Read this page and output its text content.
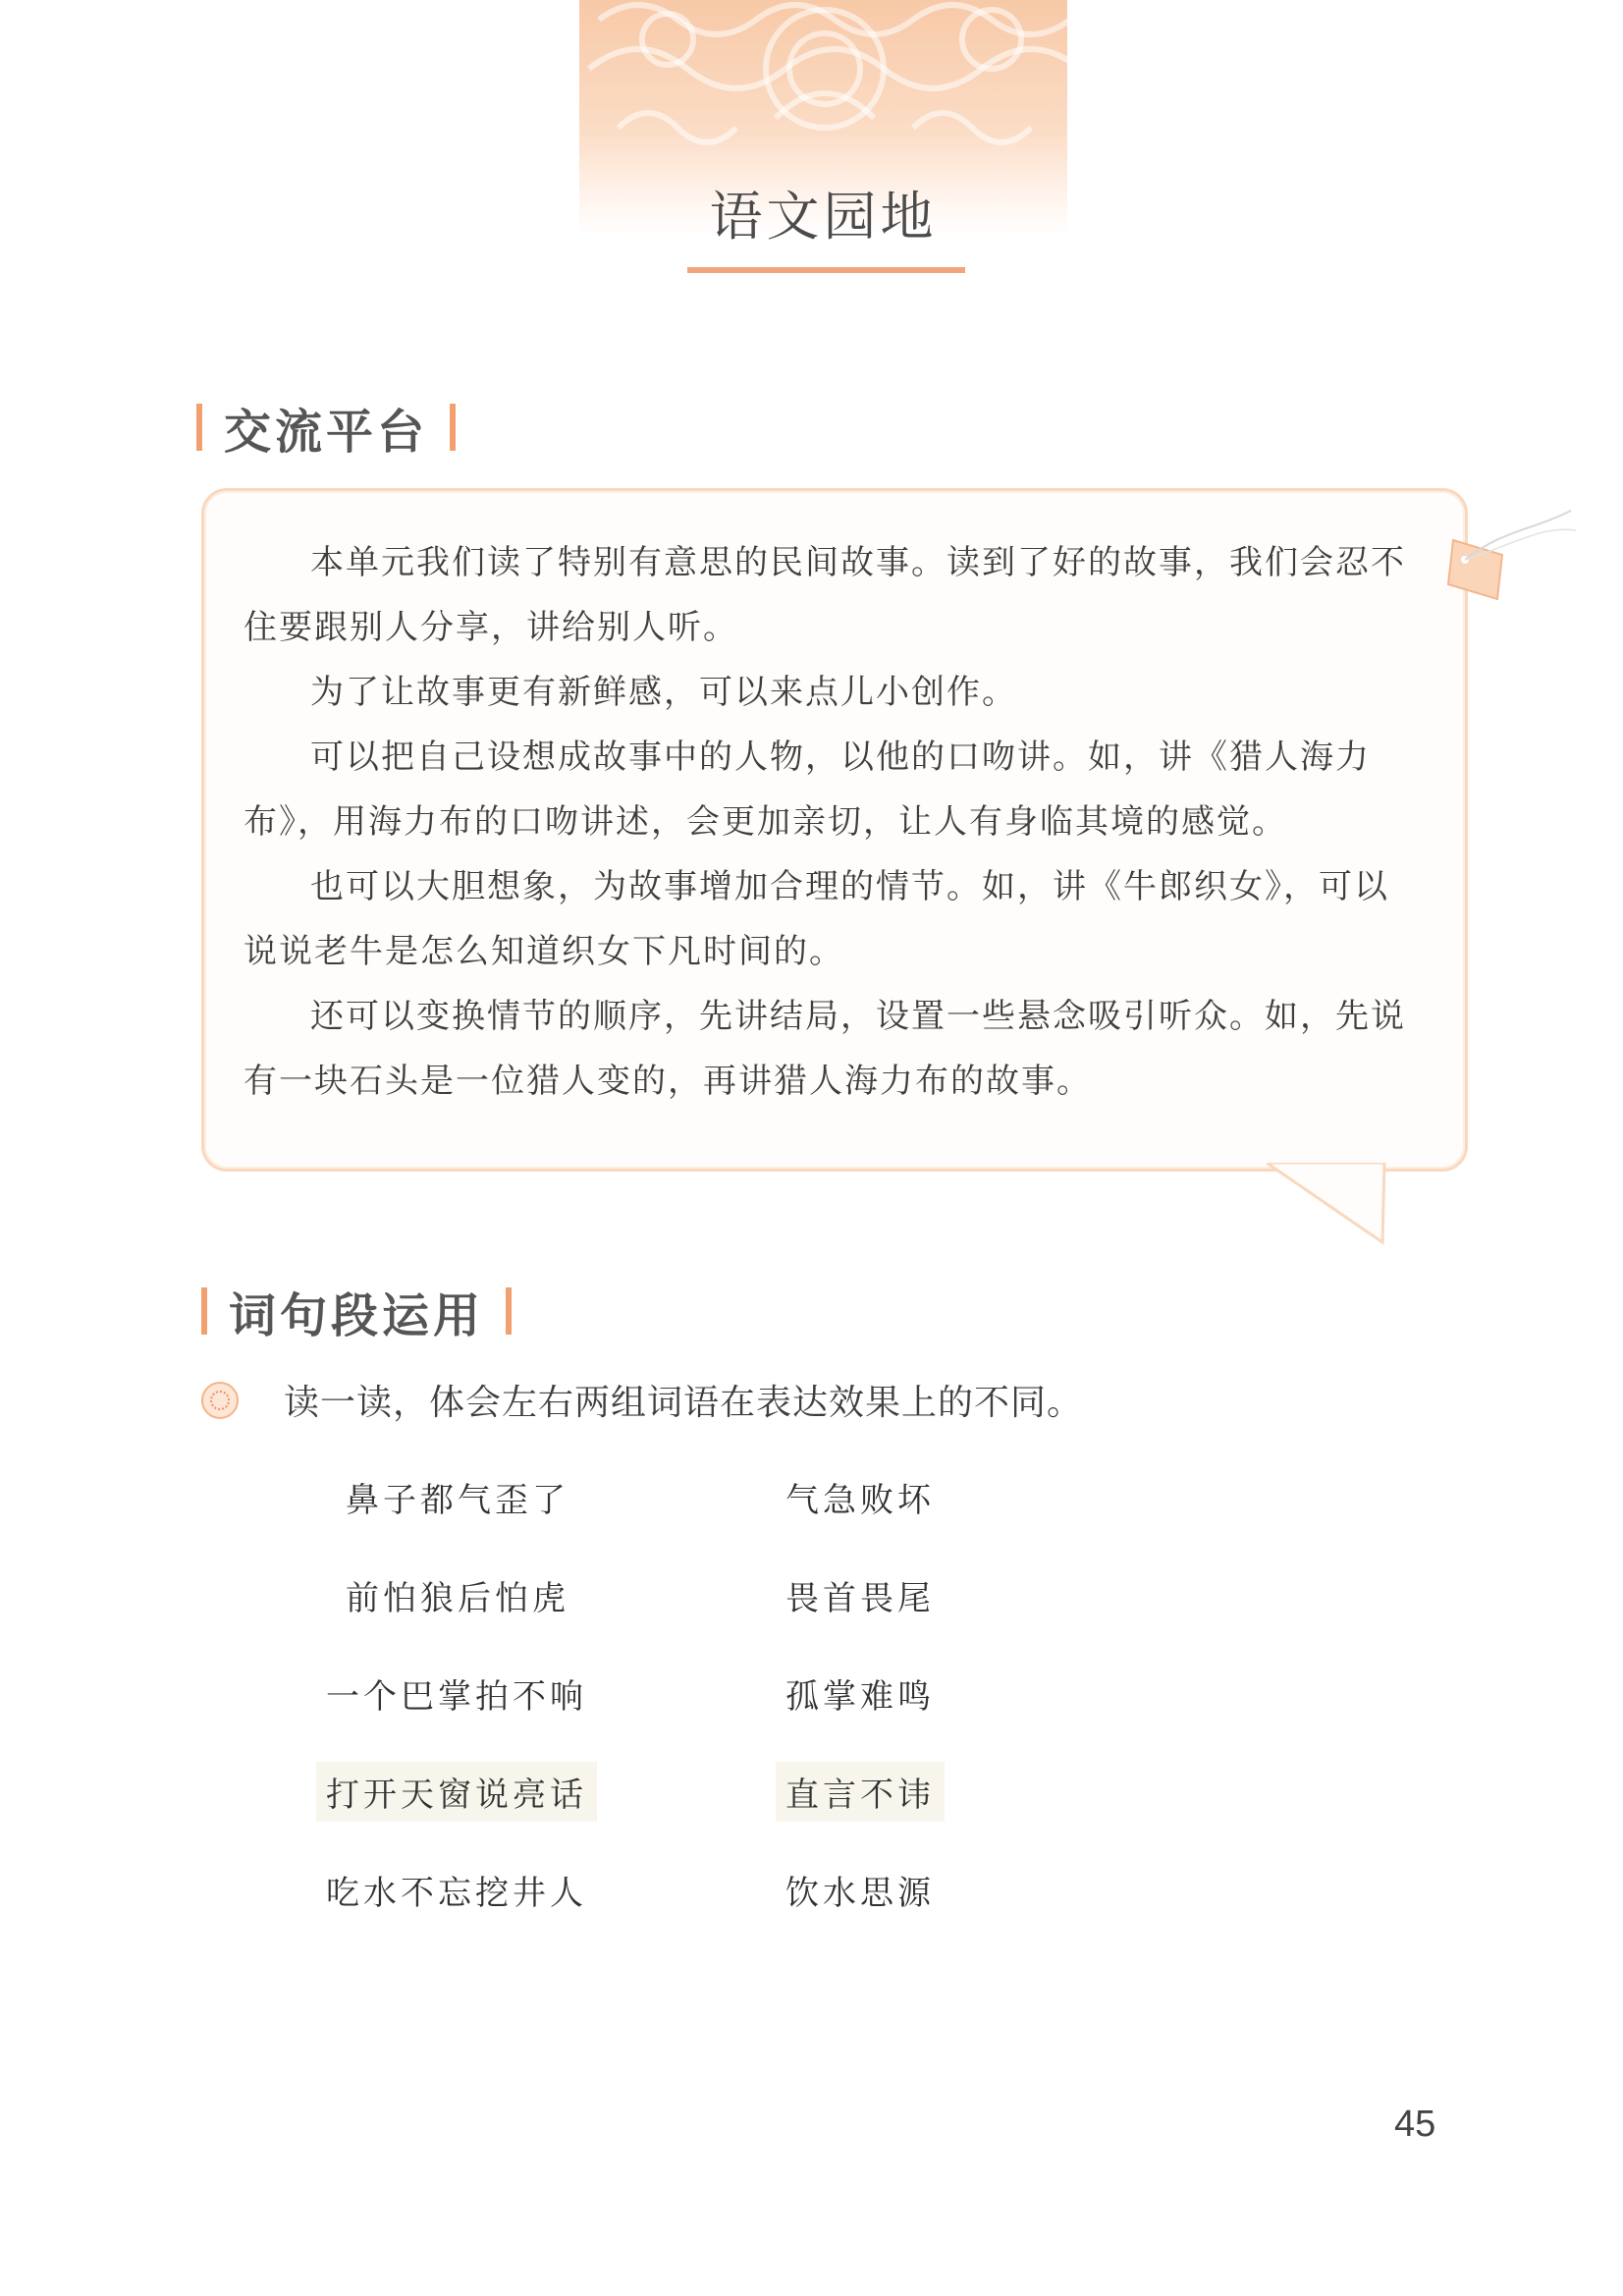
语文园地
交流平台

本单元我们读了特别有意思的民间故事。读到了好的故事，我们会忍不住要跟别人分享，讲给别人听。

为了让故事更有新鲜感，可以来点儿小创作。

可以把自己设想成故事中的人物，以他的口吻讲。如，讲《猎人海力布》，用海力布的口吻讲述，会更加亲切，让人有身临其境的感觉。

也可以大胆想象，为故事增加合理的情节。如，讲《牛郎织女》，可以说说老牛是怎么知道织女下凡时间的。

还可以变换情节的顺序，先讲结局，设置一些悬念吸引听众。如，先说有一块石头是一位猎人变的，再讲猎人海力布的故事。

词句段运用
读一读，体会左右两组词语在表达效果上的不同。
鼻子都气歪了	气急败坏
前怕狼后怕虎	畏首畏尾
一个巴掌拍不响	孤掌难鸣
打开天窗说亮话	直言不讳
吃水不忘挖井人	饮水思源
45
